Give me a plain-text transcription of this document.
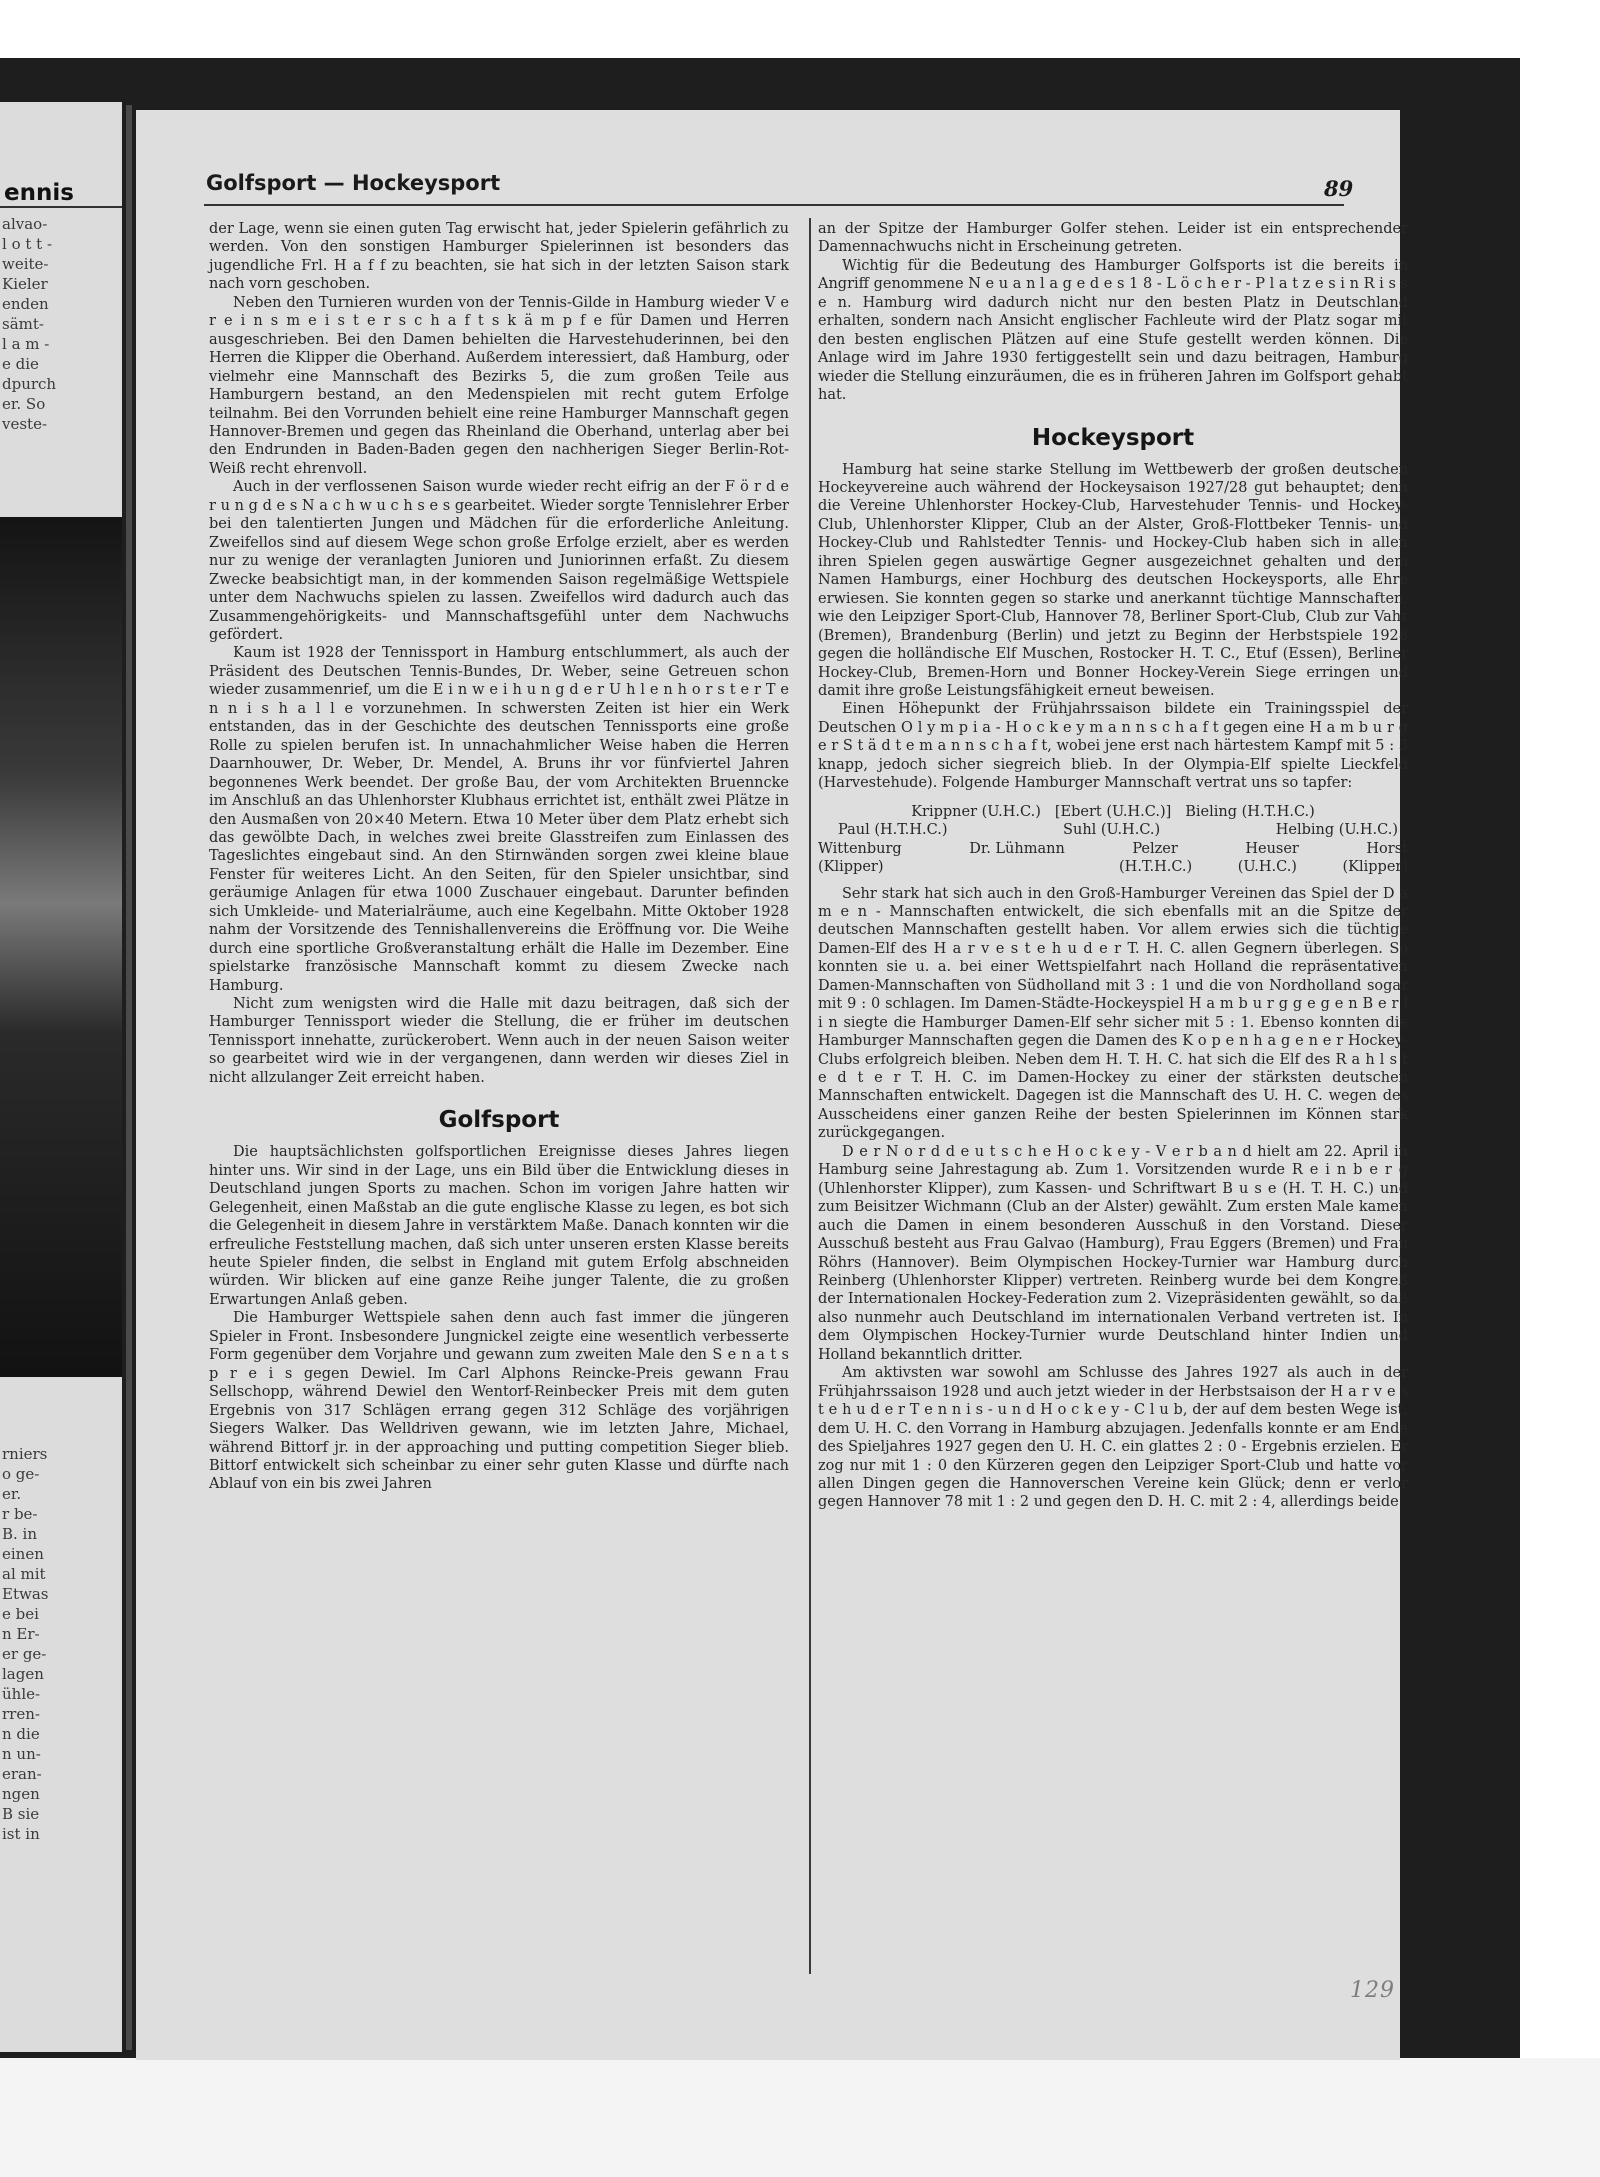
ennis
alvao-
l o t t -
weite-
Kieler
enden
sämt-
l a m -
e die
dpurch
er. So
veste-
rniers
o ge-
er.
r be-
B. in
einen
al mit
Etwas
e bei
n Er-
er ge-
lagen
ühle-
rren-
n die
n un-
eran-
ngen
B sie
ist in
Golfsport — Hockeysport	89

der Lage, wenn sie einen guten Tag erwischt hat, jeder Spielerin gefährlich zu werden. Von den sonstigen Hamburger Spielerinnen ist besonders das jugendliche Frl. H a f f zu beachten, sie hat sich in der letzten Saison stark nach vorn geschoben.

Neben den Turnieren wurden von der Tennis-Gilde in Hamburg wieder V e r e i n s m e i s t e r s c h a f t s k ä m p f e für Damen und Herren ausgeschrieben. Bei den Damen behielten die Harvestehuderinnen, bei den Herren die Klipper die Oberhand. Außerdem interessiert, daß Hamburg, oder vielmehr eine Mannschaft des Bezirks 5, die zum großen Teile aus Hamburgern bestand, an den Medenspielen mit recht gutem Erfolge teilnahm. Bei den Vorrunden behielt eine reine Hamburger Mannschaft gegen Hannover-Bremen und gegen das Rheinland die Oberhand, unterlag aber bei den Endrunden in Baden-Baden gegen den nachherigen Sieger Berlin-Rot-Weiß recht ehrenvoll.

Auch in der verflossenen Saison wurde wieder recht eifrig an der F ö r d e r u n g d e s N a c h w u c h s e s gearbeitet. Wieder sorgte Tennislehrer Erber bei den talentierten Jungen und Mädchen für die erforderliche Anleitung. Zweifellos sind auf diesem Wege schon große Erfolge erzielt, aber es werden nur zu wenige der veranlagten Junioren und Juniorinnen erfaßt. Zu diesem Zwecke beabsichtigt man, in der kommenden Saison regelmäßige Wettspiele unter dem Nachwuchs spielen zu lassen. Zweifellos wird dadurch auch das Zusammengehörigkeits- und Mannschaftsgefühl unter dem Nachwuchs gefördert.

Kaum ist 1928 der Tennissport in Hamburg entschlummert, als auch der Präsident des Deutschen Tennis-Bundes, Dr. Weber, seine Getreuen schon wieder zusammenrief, um die E i n w e i h u n g d e r U h l e n h o r s t e r T e n n i s h a l l e vorzunehmen. In schwersten Zeiten ist hier ein Werk entstanden, das in der Geschichte des deutschen Tennissports eine große Rolle zu spielen berufen ist. In unnachahmlicher Weise haben die Herren Daarnhouwer, Dr. Weber, Dr. Mendel, A. Bruns ihr vor fünfviertel Jahren begonnenes Werk beendet. Der große Bau, der vom Architekten Bruenncke im Anschluß an das Uhlenhorster Klubhaus errichtet ist, enthält zwei Plätze in den Ausmaßen von 20×40 Metern. Etwa 10 Meter über dem Platz erhebt sich das gewölbte Dach, in welches zwei breite Glasstreifen zum Einlassen des Tageslichtes eingebaut sind. An den Stirnwänden sorgen zwei kleine blaue Fenster für weiteres Licht. An den Seiten, für den Spieler unsichtbar, sind geräumige Anlagen für etwa 1000 Zuschauer eingebaut. Darunter befinden sich Umkleide- und Materialräume, auch eine Kegelbahn. Mitte Oktober 1928 nahm der Vorsitzende des Tennishallenvereins die Eröffnung vor. Die Weihe durch eine sportliche Großveranstaltung erhält die Halle im Dezember. Eine spielstarke französische Mannschaft kommt zu diesem Zwecke nach Hamburg.

Nicht zum wenigsten wird die Halle mit dazu beitragen, daß sich der Hamburger Tennissport wieder die Stellung, die er früher im deutschen Tennissport innehatte, zurückerobert. Wenn auch in der neuen Saison weiter so gearbeitet wird wie in der vergangenen, dann werden wir dieses Ziel in nicht allzulanger Zeit erreicht haben.

Golfsport

Die hauptsächlichsten golfsportlichen Ereignisse dieses Jahres liegen hinter uns. Wir sind in der Lage, uns ein Bild über die Entwicklung dieses in Deutschland jungen Sports zu machen. Schon im vorigen Jahre hatten wir Gelegenheit, einen Maßstab an die gute englische Klasse zu legen, es bot sich die Gelegenheit in diesem Jahre in verstärktem Maße. Danach konnten wir die erfreuliche Feststellung machen, daß sich unter unseren ersten Klasse bereits heute Spieler finden, die selbst in England mit gutem Erfolg abschneiden würden. Wir blicken auf eine ganze Reihe junger Talente, die zu großen Erwartungen Anlaß geben.

Die Hamburger Wettspiele sahen denn auch fast immer die jüngeren Spieler in Front. Insbesondere Jungnickel zeigte eine wesentlich verbesserte Form gegenüber dem Vorjahre und gewann zum zweiten Male den S e n a t s p r e i s gegen Dewiel. Im Carl Alphons Reincke-Preis gewann Frau Sellschopp, während Dewiel den Wentorf-Reinbecker Preis mit dem guten Ergebnis von 317 Schlägen errang gegen 312 Schläge des vorjährigen Siegers Walker. Das Welldriven gewann, wie im letzten Jahre, Michael, während Bittorf jr. in der approaching und putting competition Sieger blieb. Bittorf entwickelt sich scheinbar zu einer sehr guten Klasse und dürfte nach Ablauf von ein bis zwei Jahren

an der Spitze der Hamburger Golfer stehen. Leider ist ein entsprechender Damennachwuchs nicht in Erscheinung getreten.

Wichtig für die Bedeutung des Hamburger Golfsports ist die bereits in Angriff genommene N e u a n l a g e d e s 1 8 - L ö c h e r - P l a t z e s i n R i s s e n. Hamburg wird dadurch nicht nur den besten Platz in Deutschland erhalten, sondern nach Ansicht englischer Fachleute wird der Platz sogar mit den besten englischen Plätzen auf eine Stufe gestellt werden können. Die Anlage wird im Jahre 1930 fertiggestellt sein und dazu beitragen, Hamburg wieder die Stellung einzuräumen, die es in früheren Jahren im Golfsport gehabt hat.

Hockeysport

Hamburg hat seine starke Stellung im Wettbewerb der großen deutschen Hockeyvereine auch während der Hockeysaison 1927/28 gut behauptet; denn die Vereine Uhlenhorster Hockey-Club, Harvestehuder Tennis- und Hockey-Club, Uhlenhorster Klipper, Club an der Alster, Groß-Flottbeker Tennis- und Hockey-Club und Rahlstedter Tennis- und Hockey-Club haben sich in allen ihren Spielen gegen auswärtige Gegner ausgezeichnet gehalten und dem Namen Hamburgs, einer Hochburg des deutschen Hockeysports, alle Ehre erwiesen. Sie konnten gegen so starke und anerkannt tüchtige Mannschaften, wie den Leipziger Sport-Club, Hannover 78, Berliner Sport-Club, Club zur Vahr (Bremen), Brandenburg (Berlin) und jetzt zu Beginn der Herbstspiele 1928 gegen die holländische Elf Muschen, Rostocker H. T. C., Etuf (Essen), Berliner Hockey-Club, Bremen-Horn und Bonner Hockey-Verein Siege erringen und damit ihre große Leistungsfähigkeit erneut beweisen.

Einen Höhepunkt der Frühjahrssaison bildete ein Trainingsspiel der Deutschen O l y m p i a - H o c k e y m a n n s c h a f t gegen eine H a m b u r g e r S t ä d t e m a n n s c h a f t, wobei jene erst nach härtestem Kampf mit 5 : 3 knapp, jedoch sicher siegreich blieb. In der Olympia-Elf spielte Lieckfeld (Harvestehude). Folgende Hamburger Mannschaft vertrat uns so tapfer:

Krippner (U.H.C.) [Ebert (U.H.C.)] Bieling (H.T.H.C.)
Paul (H.T.H.C.)	Suhl (U.H.C.)	Helbing (U.H.C.)
Wittenburg	Dr. Lühmann	Pelzer	Heuser	Horst
(Klipper)	(H.T.H.C.)	(U.H.C.)	(Klipper)

Sehr stark hat sich auch in den Groß-Hamburger Vereinen das Spiel der D a m e n - Mannschaften entwickelt, die sich ebenfalls mit an die Spitze der deutschen Mannschaften gestellt haben. Vor allem erwies sich die tüchtige Damen-Elf des H a r v e s t e h u d e r T. H. C. allen Gegnern überlegen. So konnten sie u. a. bei einer Wettspielfahrt nach Holland die repräsentativen Damen-Mannschaften von Südholland mit 3 : 1 und die von Nordholland sogar mit 9 : 0 schlagen. Im Damen-Städte-Hockeyspiel H a m b u r g g e g e n B e r l i n siegte die Hamburger Damen-Elf sehr sicher mit 5 : 1. Ebenso konnten die Hamburger Mannschaften gegen die Damen des K o p e n h a g e n e r Hockey-Clubs erfolgreich bleiben. Neben dem H. T. H. C. hat sich die Elf des R a h l s t e d t e r T. H. C. im Damen-Hockey zu einer der stärksten deutschen Mannschaften entwickelt. Dagegen ist die Mannschaft des U. H. C. wegen des Ausscheidens einer ganzen Reihe der besten Spielerinnen im Können stark zurückgegangen.

D e r N o r d d e u t s c h e H o c k e y - V e r b a n d hielt am 22. April in Hamburg seine Jahrestagung ab. Zum 1. Vorsitzenden wurde R e i n b e r g (Uhlenhorster Klipper), zum Kassen- und Schriftwart B u s e (H. T. H. C.) und zum Beisitzer Wichmann (Club an der Alster) gewählt. Zum ersten Male kamen auch die Damen in einem besonderen Ausschuß in den Vorstand. Dieser Ausschuß besteht aus Frau Galvao (Hamburg), Frau Eggers (Bremen) und Frau Röhrs (Hannover). Beim Olympischen Hockey-Turnier war Hamburg durch Reinberg (Uhlenhorster Klipper) vertreten. Reinberg wurde bei dem Kongreß der Internationalen Hockey-Federation zum 2. Vizepräsidenten gewählt, so daß also nunmehr auch Deutschland im internationalen Verband vertreten ist. In dem Olympischen Hockey-Turnier wurde Deutschland hinter Indien und Holland bekanntlich dritter.

Am aktivsten war sowohl am Schlusse des Jahres 1927 als auch in der Frühjahrssaison 1928 und auch jetzt wieder in der Herbstsaison der H a r v e s t e h u d e r T e n n i s - u n d H o c k e y - C l u b, der auf dem besten Wege ist, dem U. H. C. den Vorrang in Hamburg abzujagen. Jedenfalls konnte er am Ende des Spieljahres 1927 gegen den U. H. C. ein glattes 2 : 0 - Ergebnis erzielen. Er zog nur mit 1 : 0 den Kürzeren gegen den Leipziger Sport-Club und hatte vor allen Dingen gegen die Hannoverschen Vereine kein Glück; denn er verlor gegen Hannover 78 mit 1 : 2 und gegen den D. H. C. mit 2 : 4, allerdings beide

129
